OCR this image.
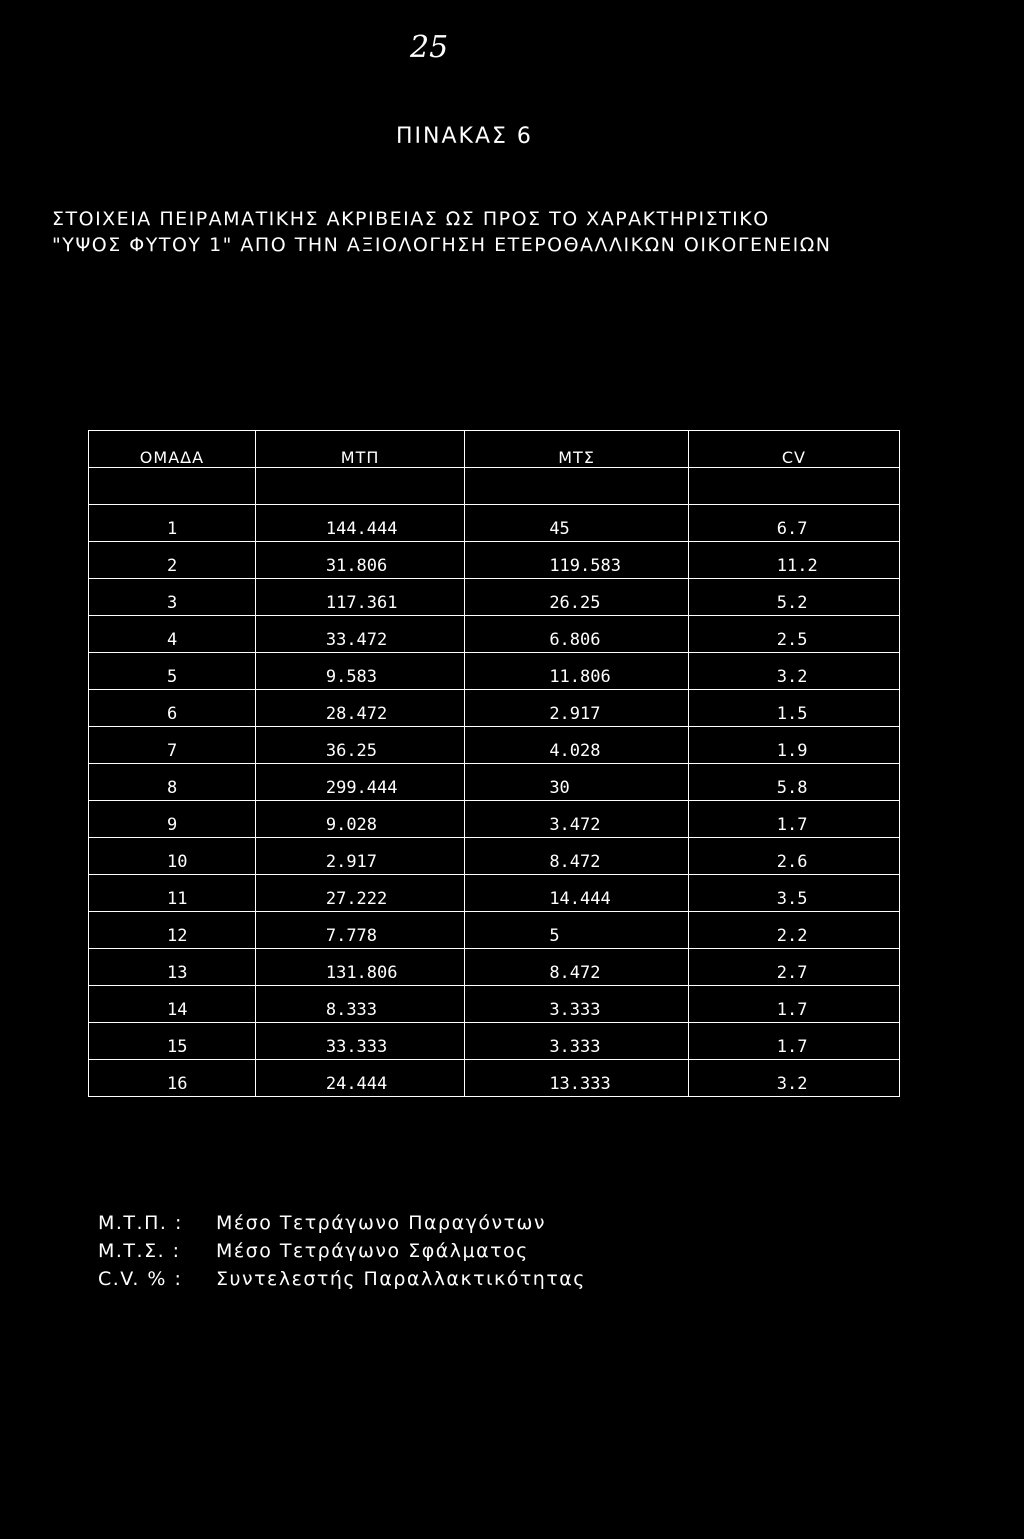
25
ΠΙΝΑΚΑΣ 6
ΣΤΟΙΧΕΙΑ ΠΕΙΡΑΜΑΤΙΚΗΣ ΑΚΡΙΒΕΙΑΣ ΩΣ ΠΡΟΣ ΤΟ ΧΑΡΑΚΤΗΡΙΣΤΙΚΟ
"ΥΨΟΣ ΦΥΤΟΥ 1" ΑΠΟ ΤΗΝ ΑΞΙΟΛΟΓΗΣΗ ΕΤΕΡΟΘΑΛΛΙΚΩΝ ΟΙΚΟΓΕΝΕΙΩΝ
ΟΜΑΔΑ	ΜΤΠ	ΜΤΣ	CV

1	144.444	45	6.7
2	31.806	119.583	11.2
3	117.361	26.25	5.2
4	33.472	6.806	2.5
5	9.583	11.806	3.2
6	28.472	2.917	1.5
7	36.25	4.028	1.9
8	299.444	30	5.8
9	9.028	3.472	1.7
10	2.917	8.472	2.6
11	27.222	14.444	3.5
12	7.778	5	2.2
13	131.806	8.472	2.7
14	8.333	3.333	1.7
15	33.333	3.333	1.7
16	24.444	13.333	3.2
Μ.Τ.Π. : Μέσο Τετράγωνο Παραγόντων
Μ.Τ.Σ. : Μέσο Τετράγωνο Σφάλματος
C.V. % : Συντελεστής Παραλλακτικότητας
